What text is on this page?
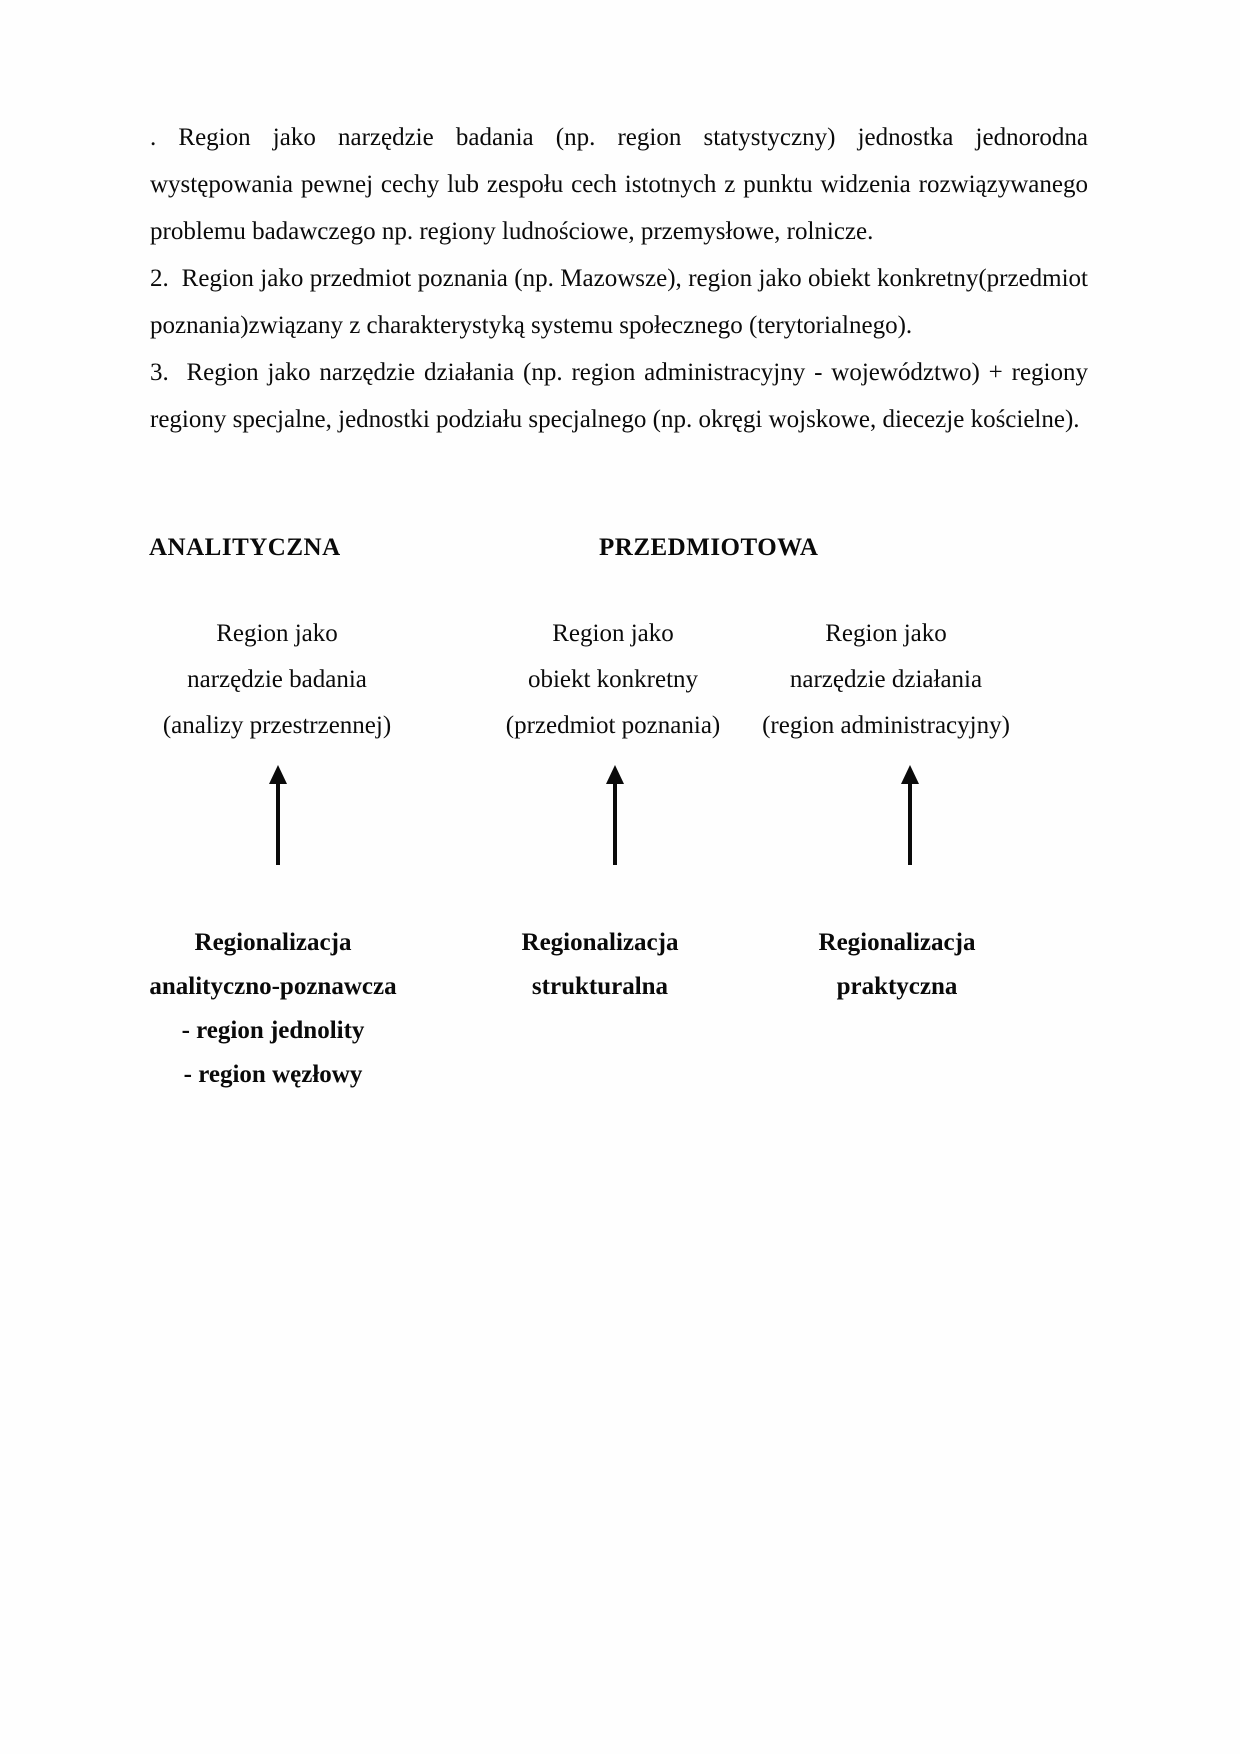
. Region jako narzędzie badania (np. region statystyczny) jednostka jednorodna występowania pewnej cechy lub zespołu cech istotnych z punktu widzenia rozwiązywanego problemu badawczego np. regiony ludnościowe, przemysłowe, rolnicze.

2.  Region jako przedmiot poznania (np. Mazowsze), region jako obiekt konkretny(przedmiot poznania)związany z charakterystyką systemu społecznego (terytorialnego).

3.  Region jako narzędzie działania (np. region administracyjny - województwo) + regiony regiony specjalne, jednostki podziału specjalnego (np. okręgi wojskowe, diecezje kościelne).

ANALITYCZNA	PRZEDMIOTOWA
Region jako
narzędzie badania
(analizy przestrzennej)
Region jako
obiekt konkretny
(przedmiot poznania)
Region jako
narzędzie działania
(region administracyjny)
Regionalizacja
analityczno-poznawcza
- region jednolity
- region węzłowy
Regionalizacja
strukturalna
Regionalizacja
praktyczna
